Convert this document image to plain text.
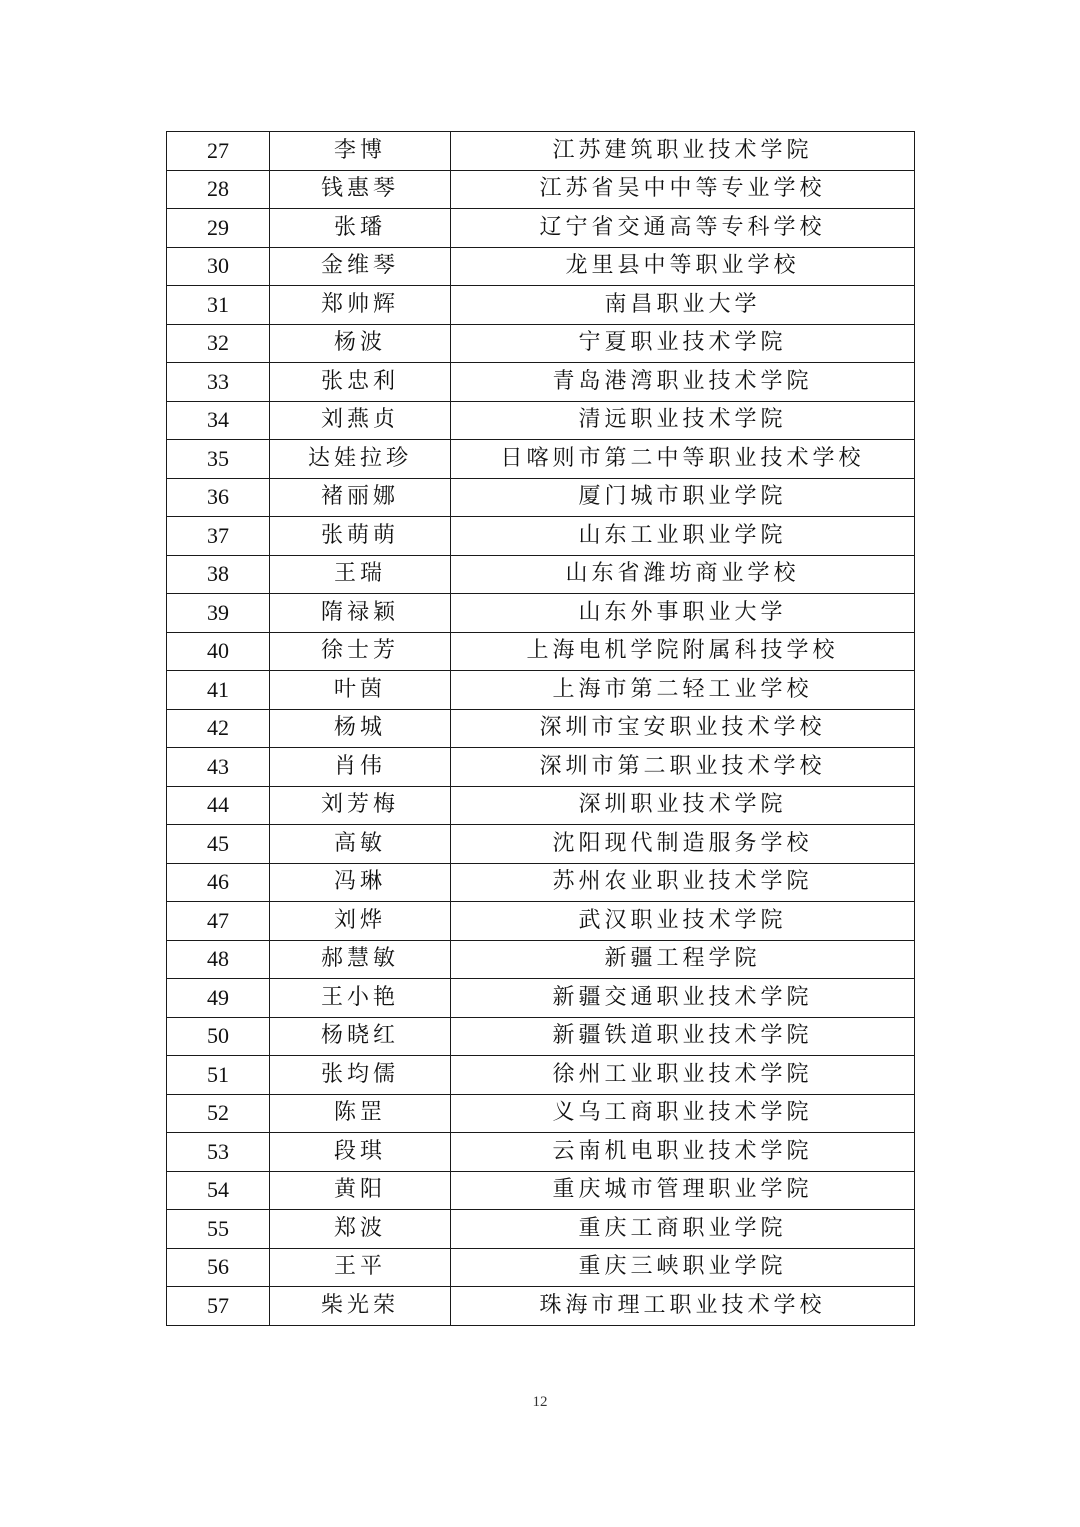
27	李博	江苏建筑职业技术学院
28	钱惠琴	江苏省吴中中等专业学校
29	张璠	辽宁省交通高等专科学校
30	金维琴	龙里县中等职业学校
31	郑帅辉	南昌职业大学
32	杨波	宁夏职业技术学院
33	张忠利	青岛港湾职业技术学院
34	刘燕贞	清远职业技术学院
35	达娃拉珍	日喀则市第二中等职业技术学校
36	褚丽娜	厦门城市职业学院
37	张萌萌	山东工业职业学院
38	王瑞	山东省潍坊商业学校
39	隋禄颖	山东外事职业大学
40	徐士芳	上海电机学院附属科技学校
41	叶茵	上海市第二轻工业学校
42	杨城	深圳市宝安职业技术学校
43	肖伟	深圳市第二职业技术学校
44	刘芳梅	深圳职业技术学院
45	高敏	沈阳现代制造服务学校
46	冯琳	苏州农业职业技术学院
47	刘烨	武汉职业技术学院
48	郝慧敏	新疆工程学院
49	王小艳	新疆交通职业技术学院
50	杨晓红	新疆铁道职业技术学院
51	张均儒	徐州工业职业技术学院
52	陈罡	义乌工商职业技术学院
53	段琪	云南机电职业技术学院
54	黄阳	重庆城市管理职业学院
55	郑波	重庆工商职业学院
56	王平	重庆三峡职业学院
57	柴光荣	珠海市理工职业技术学校
12
